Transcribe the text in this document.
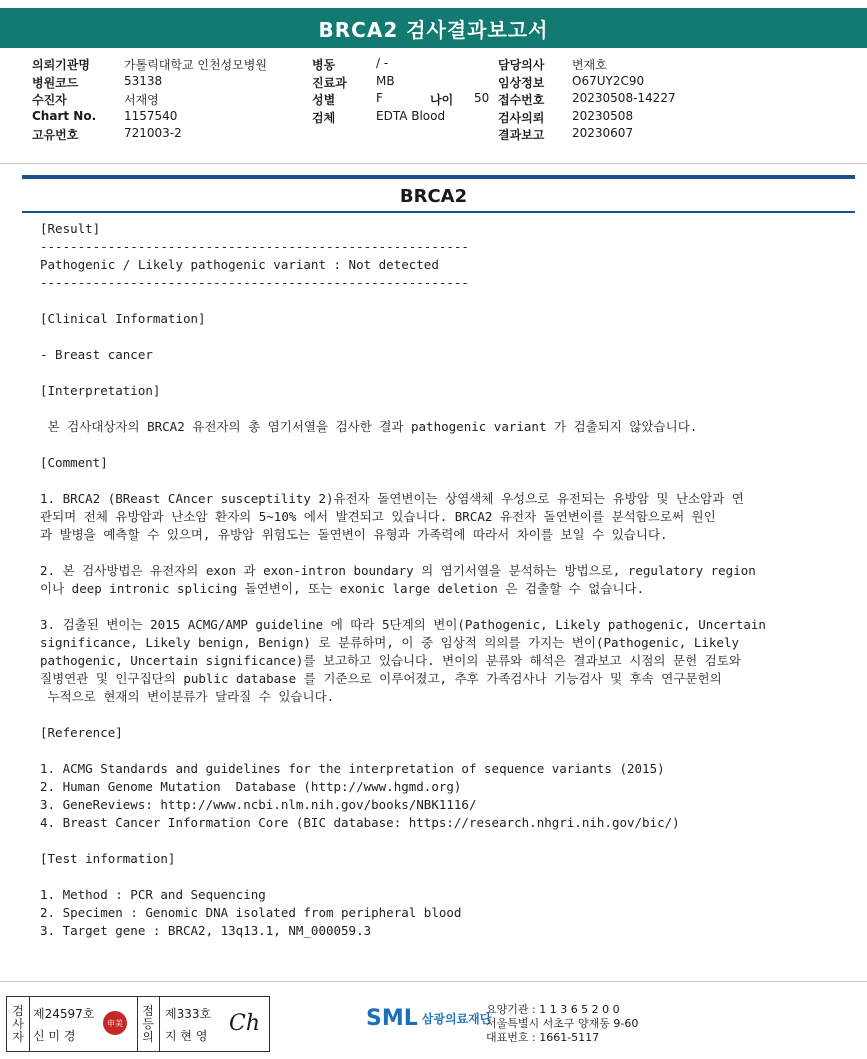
BRCA2 검사결과보고서
의뢰기관명	가톨릭대학교 인천성모병원
병원코드	53138
수진자	서재영
Chart No.	1157540
고유번호	721003-2
병동	/ -
진료과	MB
성별	F	나이	50
검체	EDTA Blood
담당의사	변재호
임상정보	O67UY2C90
접수번호	20230508-14227
검사의뢰	20230508
결과보고	20230607
BRCA2
[Result]
---------------------------------------------------------
Pathogenic / Likely pathogenic variant : Not detected
---------------------------------------------------------
[Clinical Information]
- Breast cancer
[Interpretation]
본 검사대상자의 BRCA2 유전자의 총 염기서열을 검사한 결과 pathogenic variant 가 검출되지 않았습니다.
[Comment]
1. BRCA2 (BReast CAncer susceptility 2)유전자 돌연변이는 상염색체 우성으로 유전되는 유방암 및 난소암과 연
관되며 전체 유방암과 난소암 환자의 5~10% 에서 발견되고 있습니다. BRCA2 유전자 돌연변이를 분석함으로써 원인
과 발병을 예측할 수 있으며, 유방암 위험도는 돌연변이 유형과 가족력에 따라서 차이를 보일 수 있습니다.
2. 본 검사방법은 유전자의 exon 과 exon-intron boundary 의 염기서열을 분석하는 방법으로, regulatory region
이나 deep intronic splicing 돌연변이, 또는 exonic large deletion 은 검출할 수 없습니다.
3. 검출된 변이는 2015 ACMG/AMP guideline 에 따라 5단계의 변이(Pathogenic, Likely pathogenic, Uncertain
significance, Likely benign, Benign) 로 분류하며, 이 중 임상적 의의를 가지는 변이(Pathogenic, Likely
pathogenic, Uncertain significance)를 보고하고 있습니다. 변이의 분류와 해석은 결과보고 시점의 문헌 검토와
질병연관 및 인구집단의 public database 를 기준으로 이루어졌고, 추후 가족검사나 기능검사 및 후속 연구문헌의
누적으로 현재의 변이분류가 달라질 수 있습니다.
[Reference]
1. ACMG Standards and guidelines for the interpretation of sequence variants (2015)
2. Human Genome Mutation  Database (http://www.hgmd.org)
3. GeneReviews: http://www.ncbi.nlm.nih.gov/books/NBK1116/
4. Breast Cancer Information Core (BIC database: https://research.nhgri.nih.gov/bic/)
[Test information]
1. Method : PCR and Sequencing
2. Specimen : Genomic DNA isolated from peripheral blood
3. Target gene : BRCA2, 13q13.1, NM_000059.3
검
사
자
제24597호
신 미 경
申美
점
등
의
제333호
지 현 영 Ch	SML 삼광의료재단
요양기관 : 1 1 3 6 5 2 0 0
서울특별시 서초구 양재동 9-60
대표번호 : 1661-5117
